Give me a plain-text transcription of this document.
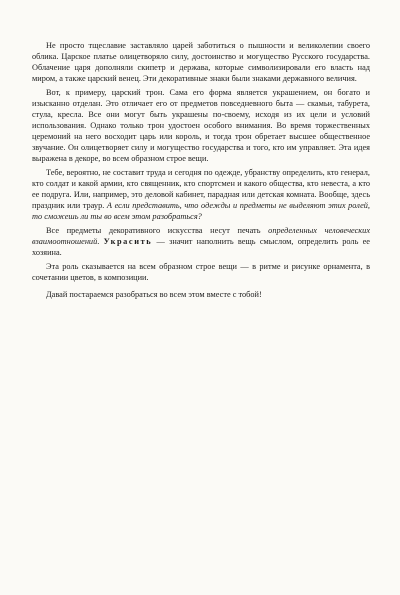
Не просто тщеславие заставляло царей заботиться о пышности и великолепии своего облика. Царское платье олицетворяло силу, достоинство и могущество Русского государства. Облачение царя дополняли скипетр и держава, которые символизировали его власть над миром, а также царский венец. Эти декоративные знаки были знаками державного величия.

Вот, к примеру, царский трон. Сама его форма является украшением, он богато и изысканно отделан. Это отличает его от предметов повседневного быта — скамьи, табурета, стула, кресла. Все они могут быть украшены по-своему, исходя из их цели и условий использования. Однако только трон удостоен особого внимания. Во время торжественных церемоний на него восходит царь или король, и тогда трон обретает высшее общественное звучание. Он олицетворяет силу и могущество государства и того, кто им управляет. Эта идея выражена в декоре, во всем образном строе вещи.

Тебе, вероятно, не составит труда и сегодня по одежде, убранству определить, кто генерал, кто солдат и какой армии, кто священник, кто спортсмен и какого общества, кто невеста, а кто ее подруга. Или, например, это деловой кабинет, парадная или детская комната. Вообще, здесь праздник или траур. А если представить, что одежды и предметы не выделяют этих ролей, то сможешь ли ты во всем этом разобраться?

Все предметы декоративного искусства несут печать определенных человеческих взаимоотношений. Украсить — значит наполнить вещь смыслом, определить роль ее хозяина.

Эта роль сказывается на всем образном строе вещи — в ритме и рисунке орнамента, в сочетании цветов, в композиции.

Давай постараемся разобраться во всем этом вместе с тобой!
